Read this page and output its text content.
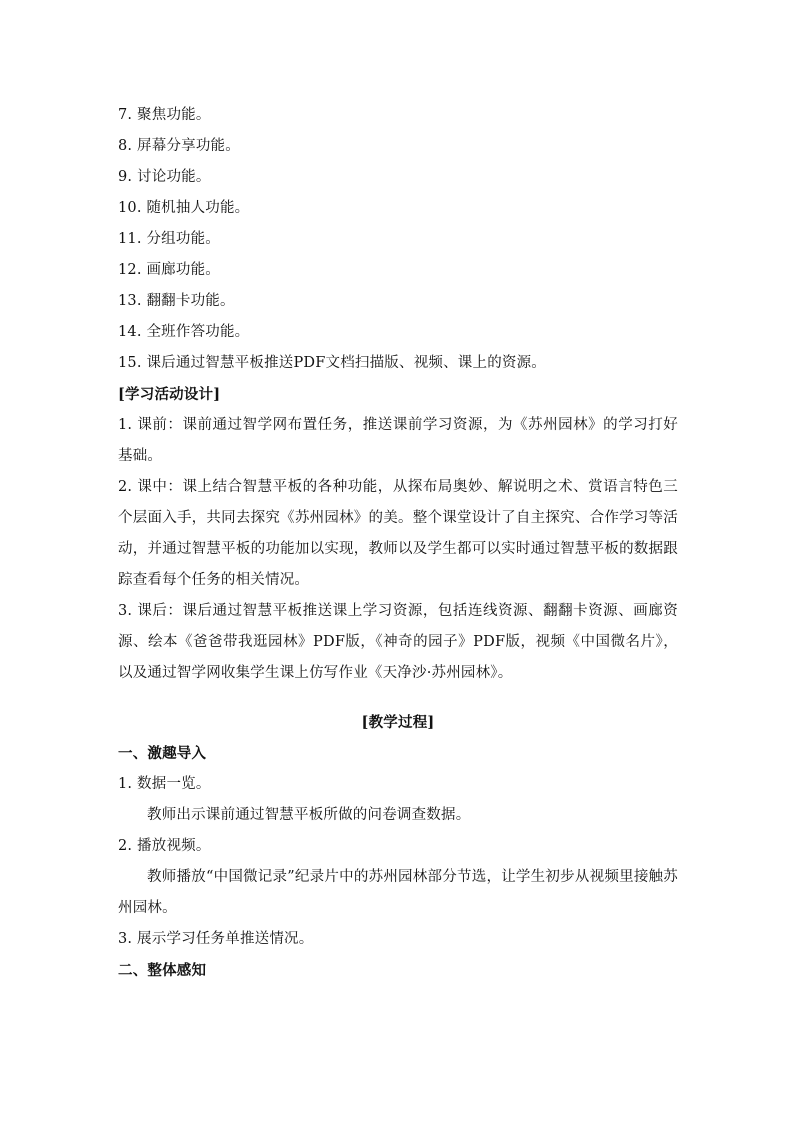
7. 聚焦功能。
8. 屏幕分享功能。
9. 讨论功能。
10. 随机抽人功能。
11. 分组功能。
12. 画廊功能。
13. 翻翻卡功能。
14. 全班作答功能。
15. 课后通过智慧平板推送PDF文档扫描版、视频、课上的资源。
[学习活动设计]
1. 课前：课前通过智学网布置任务，推送课前学习资源，为《苏州园林》的学习打好基础。
2. 课中：课上结合智慧平板的各种功能，从探布局奥妙、解说明之术、赏语言特色三个层面入手，共同去探究《苏州园林》的美。整个课堂设计了自主探究、合作学习等活动，并通过智慧平板的功能加以实现，教师以及学生都可以实时通过智慧平板的数据跟踪查看每个任务的相关情况。
3. 课后：课后通过智慧平板推送课上学习资源，包括连线资源、翻翻卡资源、画廊资源、绘本《爸爸带我逛园林》PDF版，《神奇的园子》PDF版，视频《中国微名片》，以及通过智学网收集学生课上仿写作业《天净沙·苏州园林》。
[教学过程]
一、激趣导入
1. 数据一览。
教师出示课前通过智慧平板所做的问卷调查数据。
2. 播放视频。
教师播放“中国微记录”纪录片中的苏州园林部分节选，让学生初步从视频里接触苏州园林。
3. 展示学习任务单推送情况。
二、整体感知
